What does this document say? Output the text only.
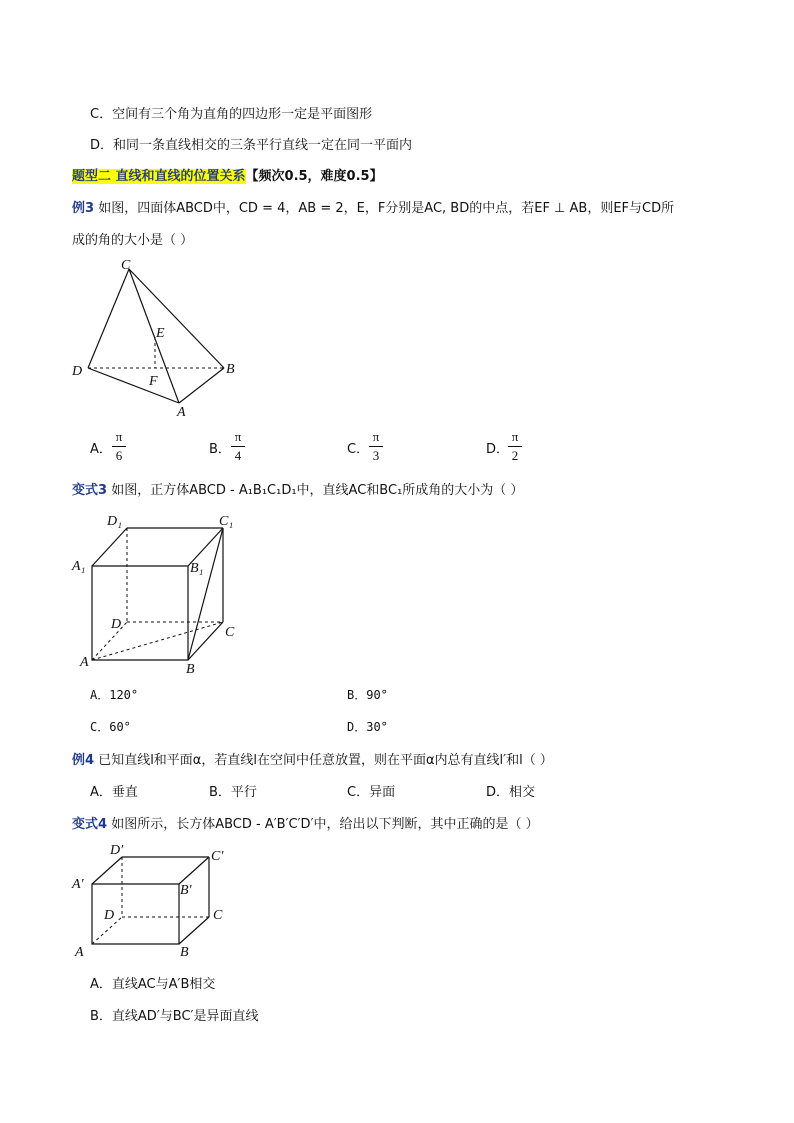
C．空间有三个角为直角的四边形一定是平面图形
D．和同一条直线相交的三条平行直线一定在同一平面内
题型二 直线和直线的位置关系【频次0.5，难度0.5】
例3 如图，四面体ABCD中，CD = 4，AB = 2，E，F分别是AC, BD的中点，若EF ⊥ AB，则EF与CD所
成的角的大小是（ ）
C
D	B
A
E
F
A．
π
6	B．
π
4	C．
π
3	D．
π
2
变式3 如图，正方体ABCD - A₁B₁C₁D₁中，直线AC和BC₁所成角的大小为（ ）
D₁	C₁
A₁	B₁
D
C
A	B
A．120°	B．90°
C．60°	D．30°
例4 已知直线l和平面α，若直线l在空间中任意放置，则在平面α内总有直线l′和l（ ）
A．垂直	B．平行	C．异面	D．相交
变式4 如图所示，长方体ABCD - A′B′C′D′中，给出以下判断，其中正确的是（ ）
D′	C′
A′	B′
D	C
A	B
A．直线AC与A′B相交
B．直线AD′与BC′是异面直线
